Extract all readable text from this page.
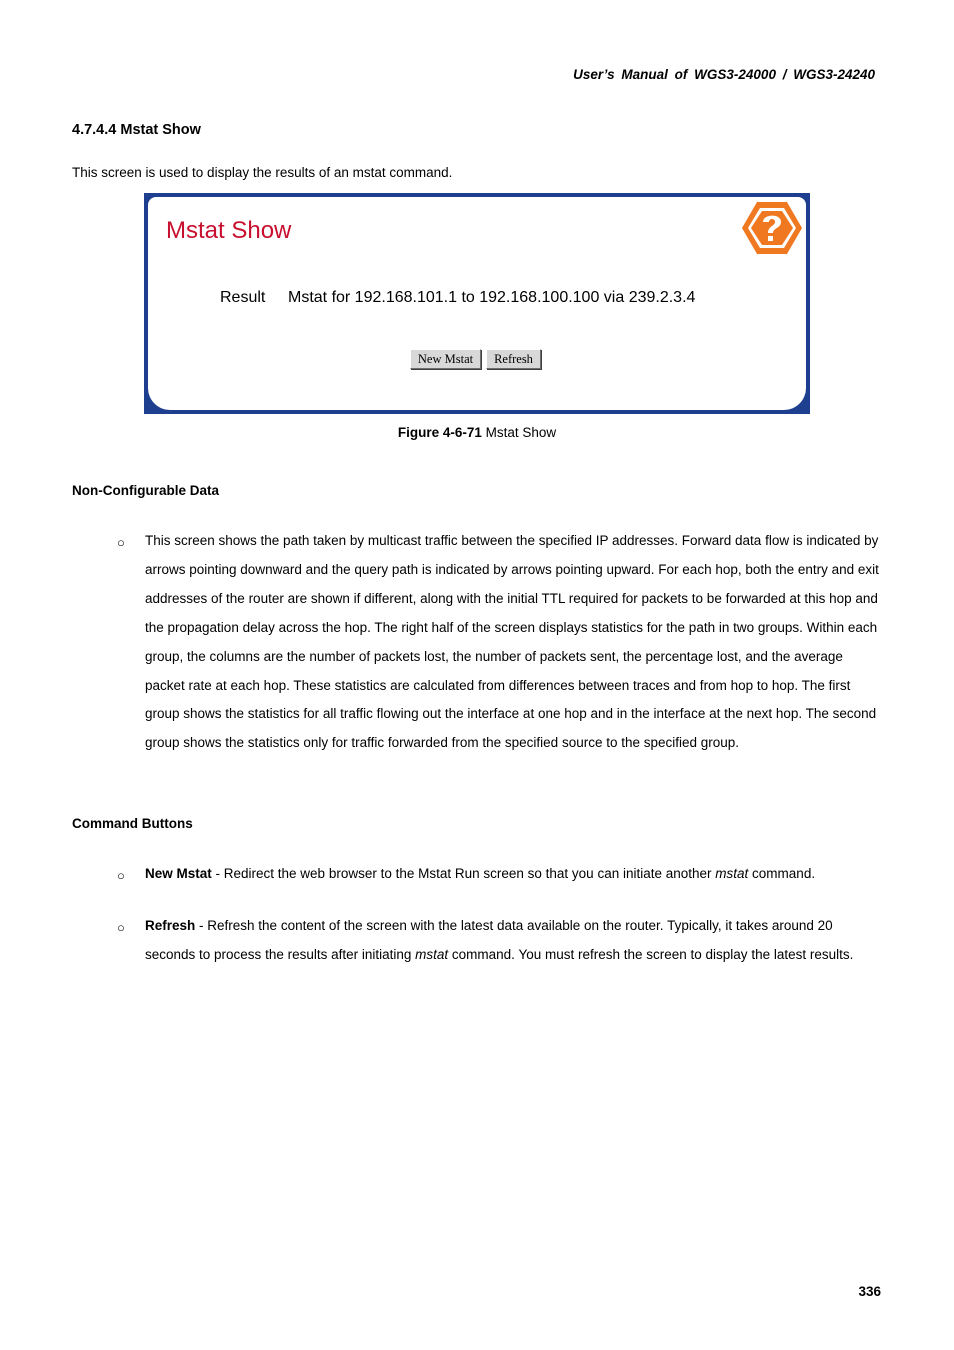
User’s Manual of WGS3-24000 / WGS3-24240
4.7.4.4 Mstat Show
This screen is used to display the results of an mstat command.
Mstat Show
Result Mstat for 192.168.101.1 to 192.168.100.100 via 239.2.3.4
New Mstat	Refresh
Figure 4-6-71 Mstat Show
Non-Configurable Data
○ This screen shows the path taken by multicast traffic between the specified IP addresses. Forward data flow is indicated by arrows pointing downward and the query path is indicated by arrows pointing upward. For each hop, both the entry and exit addresses of the router are shown if different, along with the initial TTL required for packets to be forwarded at this hop and the propagation delay across the hop. The right half of the screen displays statistics for the path in two groups. Within each group, the columns are the number of packets lost, the number of packets sent, the percentage lost, and the average packet rate at each hop. These statistics are calculated from differences between traces and from hop to hop. The first group shows the statistics for all traffic flowing out the interface at one hop and in the interface at the next hop. The second group shows the statistics only for traffic forwarded from the specified source to the specified group.
Command Buttons
○ New Mstat - Redirect the web browser to the Mstat Run screen so that you can initiate another mstat command.
○ Refresh - Refresh the content of the screen with the latest data available on the router. Typically, it takes around 20 seconds to process the results after initiating mstat command. You must refresh the screen to display the latest results.
336
